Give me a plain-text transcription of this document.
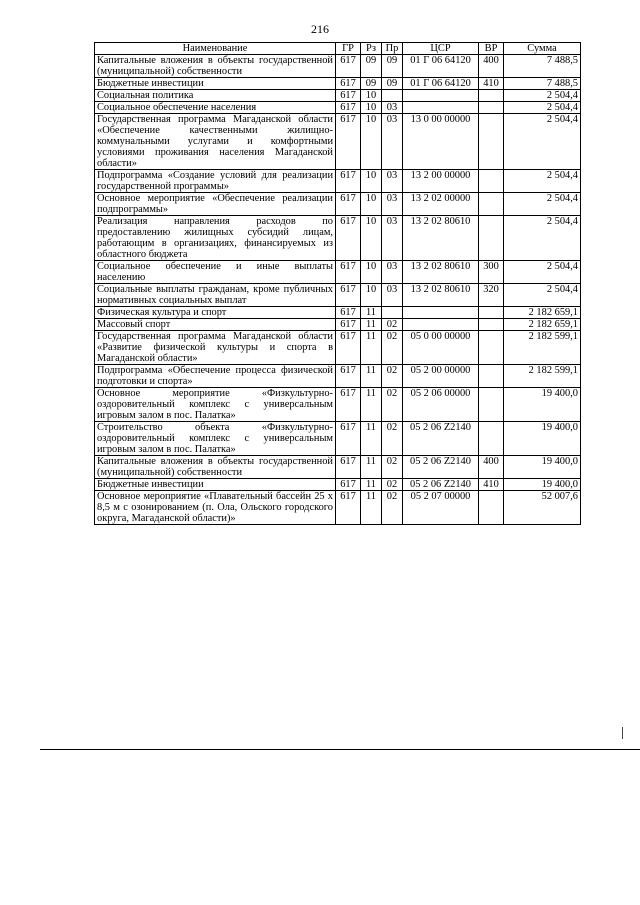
216
Наименование	ГР	Рз	Пр	ЦСР	ВР	Сумма
Капитальные вложения в объекты государственной (муниципальной) собственности	617	09	09	01 Г 06 64120	400	7 488,5
Бюджетные инвестиции	617	09	09	01 Г 06 64120	410	7 488,5
Социальная политика	617	10				2 504,4
Социальное обеспечение населения	617	10	03			2 504,4
Государственная программа Магаданской области «Обеспечение качественными жилищно-коммунальными услугами и комфортными условиями проживания населения Магаданской области»	617	10	03	13 0 00 00000		2 504,4
Подпрограмма «Создание условий для реализации государственной программы»	617	10	03	13 2 00 00000		2 504,4
Основное мероприятие «Обеспечение реализации подпрограммы»	617	10	03	13 2 02 00000		2 504,4
Реализация направления расходов по предоставлению жилищных субсидий лицам, работающим в организациях, финансируемых из областного бюджета	617	10	03	13 2 02 80610		2 504,4
Социальное обеспечение и иные выплаты населению	617	10	03	13 2 02 80610	300	2 504,4
Социальные выплаты гражданам, кроме публичных нормативных социальных выплат	617	10	03	13 2 02 80610	320	2 504,4
Физическая культура и спорт	617	11				2 182 659,1
Массовый спорт	617	11	02			2 182 659,1
Государственная программа Магаданской области «Развитие физической культуры и спорта в Магаданской области»	617	11	02	05 0 00 00000		2 182 599,1
Подпрограмма «Обеспечение процесса физической подготовки и спорта»	617	11	02	05 2 00 00000		2 182 599,1
Основное мероприятие «Физкультурно-оздоровительный комплекс с универсальным игровым залом в пос. Палатка»	617	11	02	05 2 06 00000		19 400,0
Строительство объекта «Физкультурно-оздоровительный комплекс с универсальным игровым залом в пос. Палатка»	617	11	02	05 2 06 Z2140		19 400,0
Капитальные вложения в объекты государственной (муниципальной) собственности	617	11	02	05 2 06 Z2140	400	19 400,0
Бюджетные инвестиции	617	11	02	05 2 06 Z2140	410	19 400,0
Основное мероприятие «Плавательный бассейн 25 х 8,5 м с озонированием (п. Ола, Ольского городского округа, Магаданской области)»	617	11	02	05 2 07 00000		52 007,6
